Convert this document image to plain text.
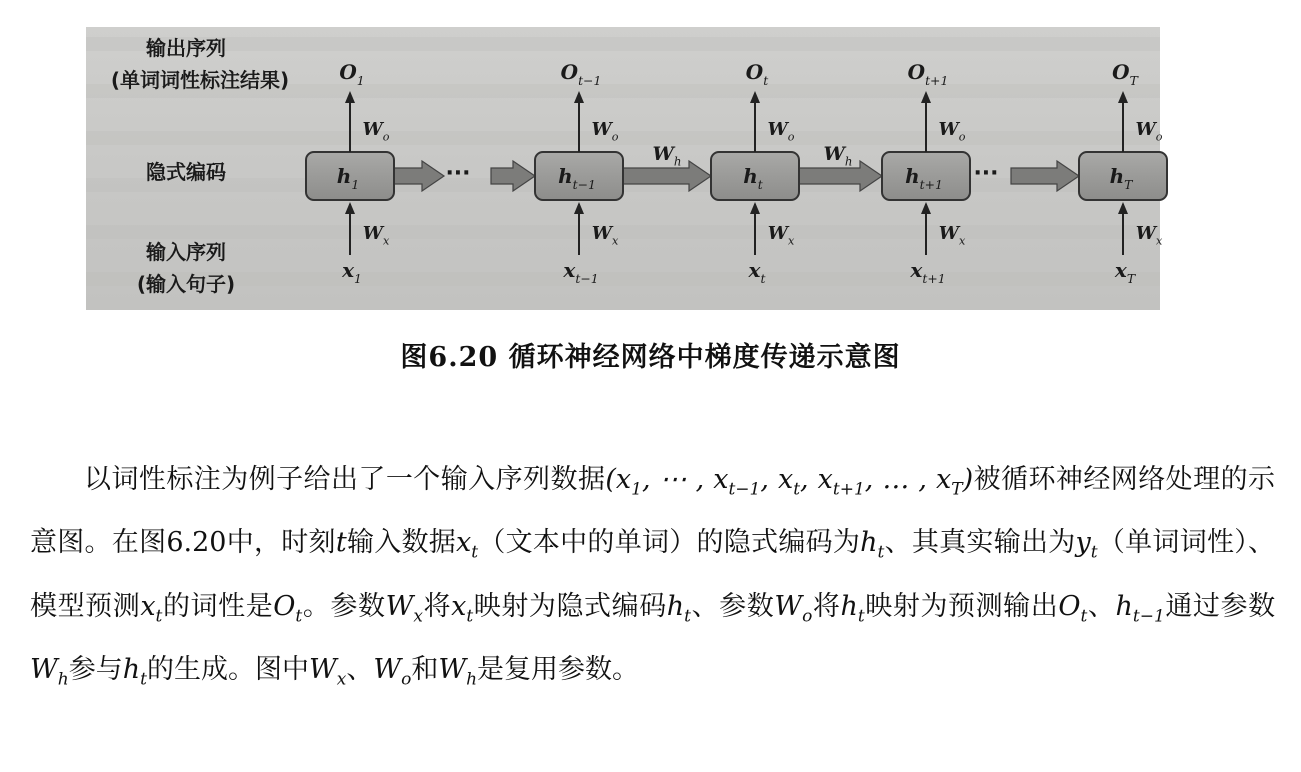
输出序列
(单词词性标注结果)
隐式编码
输入序列
(输入句子)
···	···
$W_h$	$W_h$
$h_1$
$O_1$
$W_o$
$W_x$
$x_1$
$h_{t-1}$
$O_{t-1}$
$W_o$
$W_x$
$x_{t-1}$
$h_t$
$O_t$
$W_o$
$W_x$
$x_t$
$h_{t+1}$
$O_{t+1}$
$W_o$
$W_x$
$x_{t+1}$
$h_T$
$O_T$
$W_o$
$W_x$
$x_T$
图6.20 循环神经网络中梯度传递示意图

以词性标注为例子给出了一个输入序列数据($x_1$, ⋯ , $x_{t-1}$, $x_t$, $x_{t+1}$, … , $x_T$)被循环神经网络处理的示意图。在图6.20中，时刻t输入数据$x_t$（文本中的单词）的隐式编码为$h_t$、其真实输出为$y_t$（单词词性）、模型预测$x_t$的词性是$O_t$。参数$W_x$将$x_t$映射为隐式编码$h_t$、参数$W_o$将$h_t$映射为预测输出$O_t$、$h_{t-1}$通过参数$W_h$参与$h_t$的生成。图中$W_x$、$W_o$和$W_h$是复用参数。
